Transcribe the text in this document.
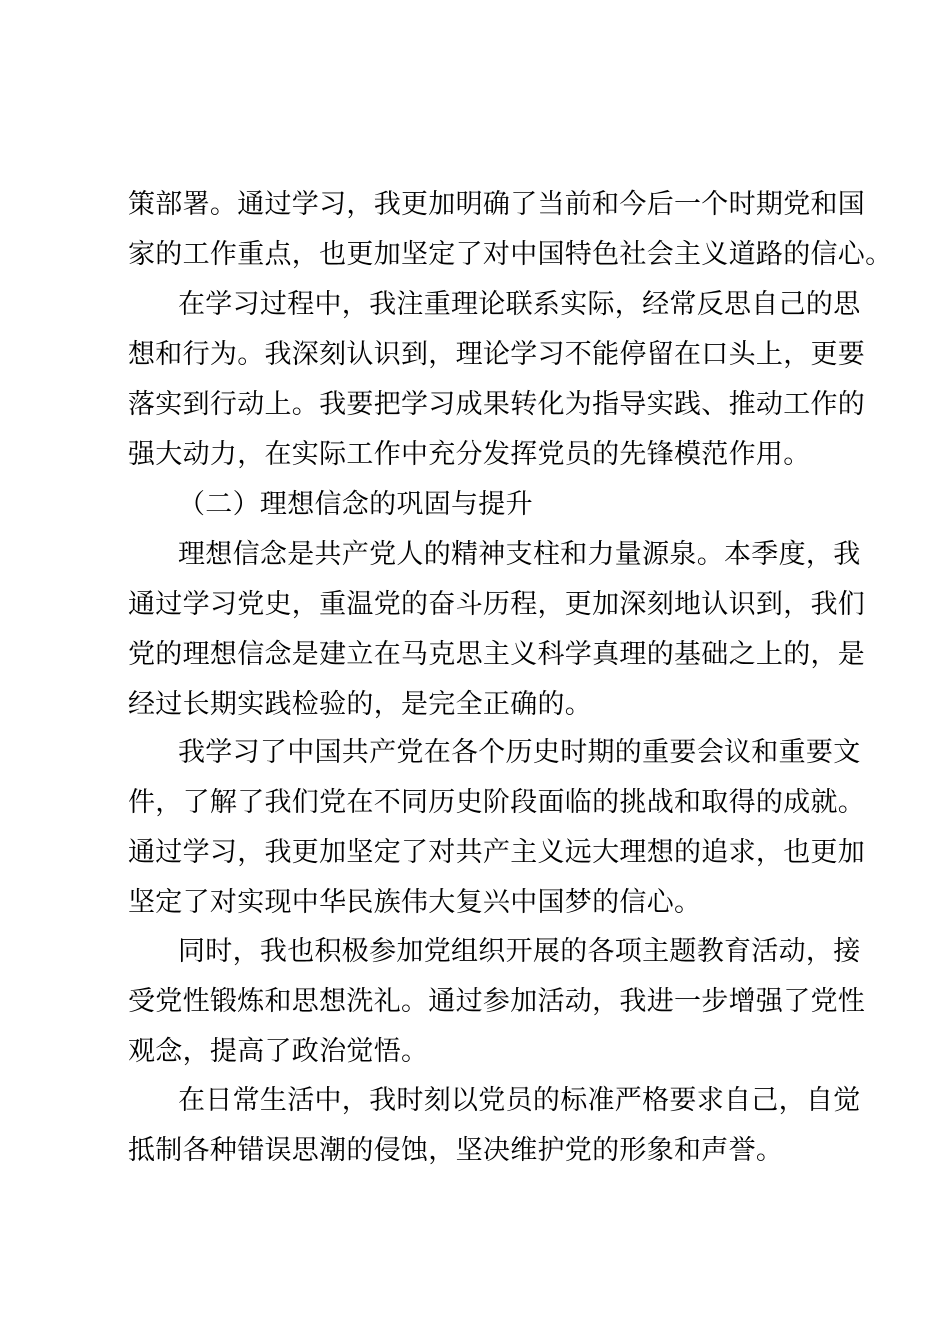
策部署。通过学习，我更加明确了当前和今后一个时期党和国
家的工作重点，也更加坚定了对中国特色社会主义道路的信心。
在学习过程中，我注重理论联系实际，经常反思自己的思
想和行为。我深刻认识到，理论学习不能停留在口头上，更要
落实到行动上。我要把学习成果转化为指导实践、推动工作的
强大动力，在实际工作中充分发挥党员的先锋模范作用。
（二）理想信念的巩固与提升
理想信念是共产党人的精神支柱和力量源泉。本季度，我
通过学习党史，重温党的奋斗历程，更加深刻地认识到，我们
党的理想信念是建立在马克思主义科学真理的基础之上的，是
经过长期实践检验的，是完全正确的。
我学习了中国共产党在各个历史时期的重要会议和重要文
件，了解了我们党在不同历史阶段面临的挑战和取得的成就。
通过学习，我更加坚定了对共产主义远大理想的追求，也更加
坚定了对实现中华民族伟大复兴中国梦的信心。
同时，我也积极参加党组织开展的各项主题教育活动，接
受党性锻炼和思想洗礼。通过参加活动，我进一步增强了党性
观念，提高了政治觉悟。
在日常生活中，我时刻以党员的标准严格要求自己，自觉
抵制各种错误思潮的侵蚀，坚决维护党的形象和声誉。
